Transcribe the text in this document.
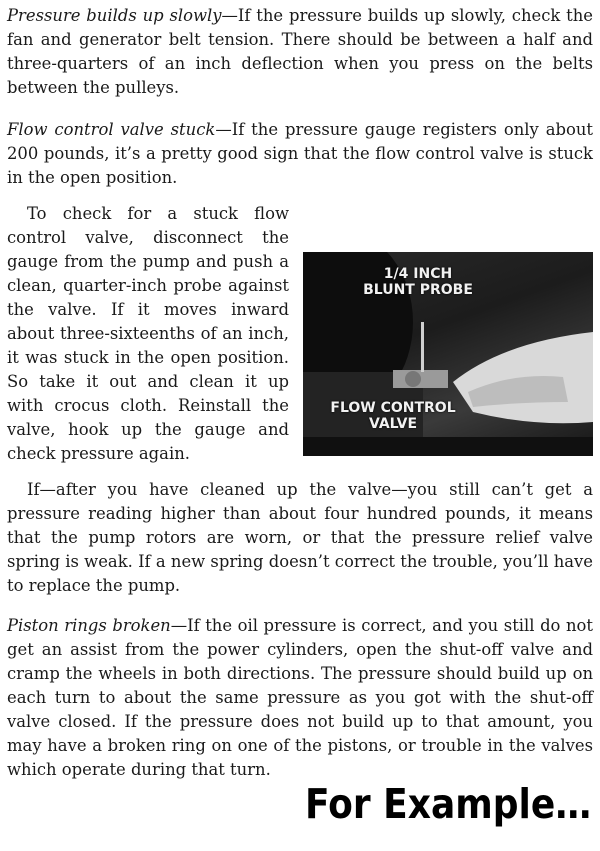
Pressure builds up slowly—If the pressure builds up slowly, check the fan and generator belt tension. There should be between a half and three-quarters of an inch deflection when you press on the belts between the pulleys.

Flow control valve stuck—If the pressure gauge registers only about 200 pounds, it’s a pretty good sign that the flow control valve is stuck in the open position.

1/4 INCH
BLUNT PROBE
FLOW CONTROL
VALVE
To check for a stuck flow control valve, disconnect the gauge from the pump and push a clean, quarter-inch probe against the valve. If it moves inward about three-sixteenths of an inch, it was stuck in the open position. So take it out and clean it up with crocus cloth. Reinstall the valve, hook up the gauge and check pressure again.

If—after you have cleaned up the valve—you still can’t get a pressure reading higher than about four hundred pounds, it means that the pump rotors are worn, or that the pressure relief valve spring is weak. If a new spring doesn’t correct the trouble, you’ll have to replace the pump.

Piston rings broken—If the oil pressure is correct, and you still do not get an assist from the power cylinders, open the shut-off valve and cramp the wheels in both directions. The pressure should build up on each turn to about the same pressure as you got with the shut-off valve closed. If the pressure does not build up to that amount, you may have a broken ring on one of the pistons, or trouble in the valves which operate during that turn.

For Example…
